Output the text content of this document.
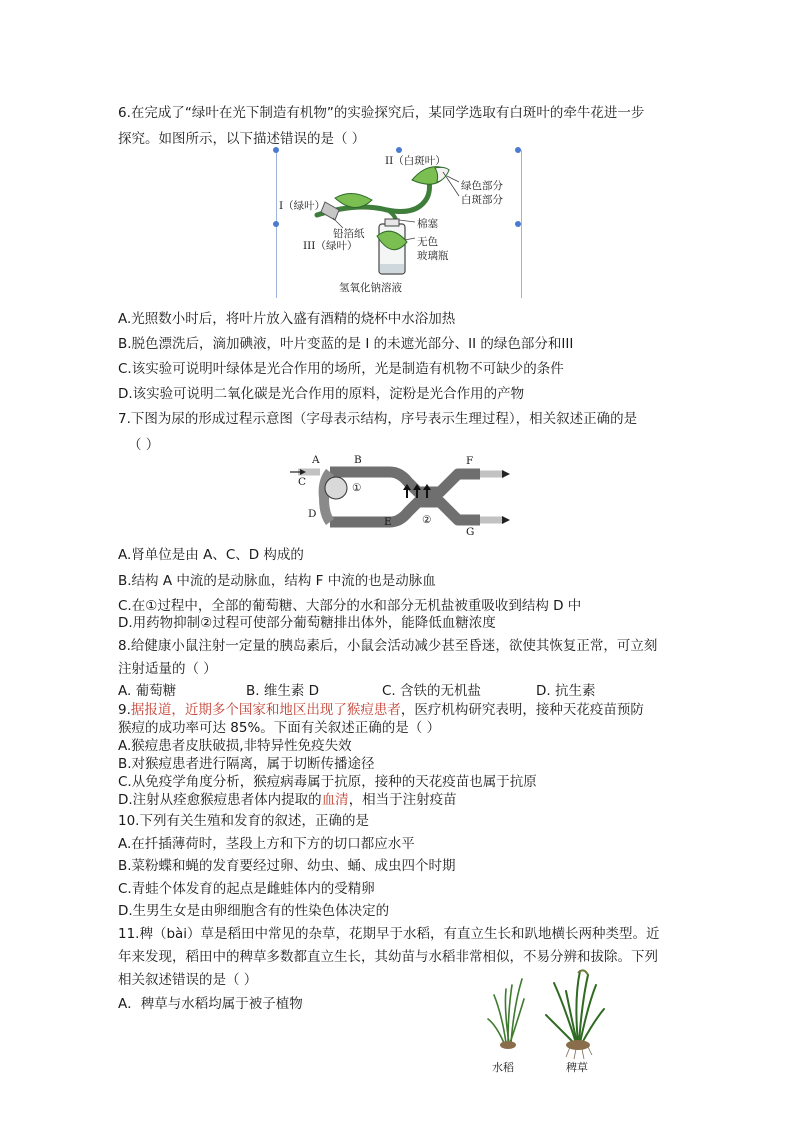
6.在完成了“绿叶在光下制造有机物”的实验探究后，某同学选取有白斑叶的牵牛花进一步
探究。如图所示，以下描述错误的是（ ）
II（白斑叶）
I（绿叶）
绿色部分
白斑部分
铅箔纸
棉塞
III（绿叶）	无色
玻璃瓶
氢氧化钠溶液
A.光照数小时后，将叶片放入盛有酒精的烧杯中水浴加热
B.脱色漂洗后，滴加碘液，叶片变蓝的是 I 的未遮光部分、II 的绿色部分和III
C.该实验可说明叶绿体是光合作用的场所，光是制造有机物不可缺少的条件
D.该实验可说明二氧化碳是光合作用的原料，淀粉是光合作用的产物
7.下图为尿的形成过程示意图（字母表示结构，序号表示生理过程），相关叙述正确的是
（ ）
A	B
C
D
E
F
G
①
②
A.肾单位是由 A、C、D 构成的
B.结构 A 中流的是动脉血，结构 F 中流的也是动脉血
C.在①过程中，全部的葡萄糖、大部分的水和部分无机盐被重吸收到结构 D 中
D.用药物抑制②过程可使部分葡萄糖排出体外，能降低血糖浓度
8.给健康小鼠注射一定量的胰岛素后，小鼠会活动减少甚至昏迷，欲使其恢复正常，可立刻
注射适量的（ ）
A. 葡萄糖	B. 维生素 D	C. 含铁的无机盐	D. 抗生素
9.据报道，近期多个国家和地区出现了猴痘患者，医疗机构研究表明，接种天花疫苗预防
猴痘的成功率可达 85%。下面有关叙述正确的是（ ）
A.猴痘患者皮肤破损,非特异性免疫失效
B.对猴痘患者进行隔离，属于切断传播途径
C.从免疫学角度分析，猴痘病毒属于抗原，接种的天花疫苗也属于抗原
D.注射从痊愈猴痘患者体内提取的血清，相当于注射疫苗
10.下列有关生殖和发育的叙述，正确的是
A.在扦插薄荷时，茎段上方和下方的切口都应水平
B.菜粉蝶和蝇的发育要经过卵、幼虫、蛹、成虫四个时期
C.青蛙个体发育的起点是雌蛙体内的受精卵
D.生男生女是由卵细胞含有的性染色体决定的
11.稗（bài）草是稻田中常见的杂草，花期早于水稻，有直立生长和趴地横长两种类型。近
年来发现，稻田中的稗草多数都直立生长，其幼苗与水稻非常相似，不易分辨和拔除。下列
相关叙述错误的是（ ）
A．稗草与水稻均属于被子植物
水稻	稗草
